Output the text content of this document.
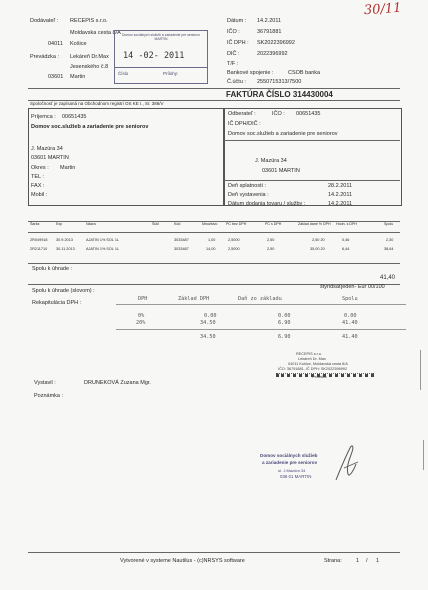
30/11
Dodávateľ : RECEPIS s.r.o.
Moldavska cesta 8/A
04011 Košice
Prevádzka : Lekáreň Dr.Max
Jesenského č.8
03601 Martin
Domov sociálnych služieb a zariadenie pre seniorov MARTIN
14 -02- 2011
Číslo	Prílohy:
Dátum : 14.2.2011
IČO :	36791881
IČ DPH : SK2022396992
DIČ :	2022396992
T/F :
Bankové spojenie :	CSOB banka
Č.účtu : 2550715313/7500
FAKTÚRA ČÍSLO 314430004
Spoločnosť je zapísaná na Obchodnom registri OS KE I., Sr. 386/V
Príjemca : 00651435
Domov soc.služieb a zariadenie pre seniorov
J. Mazúra 34
03601 MARTIN
Okres : Martin
TEL :
FAX :
Mobil :
Odberateľ :	IČO : 00651435
IČ DPH/DIČ :
Domov soc.služieb a zariadenie pre seniorov
J. Mazúra 34
03601 MARTIN
Deň splatnosti :	28.2.2011
Deň vystavenia :	14.2.2011
Dátum dodania tovaru / služby :	14.2.2011
Šarža	Exp	Názov	Šúkl	Kód	Množstvo PC bez DPH	PC s DPH	Základ dane % DPH Hodn. s DPH	Spolu
2R049918 30.9.2013	AJATIN 1% SOL 1L	3033487	1,00	2,5000	2,50	2,50 20	0,46	2,30
2R211710 30.11.2013	AJATIN 1% SOL 1L	3033487	14,00	2,5000	2,50	35,00 20	6,44	38,64
Spolu k úhrade :
41,40
Spolu k úhrade (slovom) :
štyridsaťjeden- Eur 00/100
Rekapitulácia DPH :
DPH	Základ DPH	Daň zo základu	Spolu
0%	0.00	0.00	0.00
20%	34.50	6.90	41.40
34.50	6.90	41.40
RECEPIS s.r.o.
Lekáreň Dr. Max
04011 Košice, Moldavská cesta 8/A
IČO: 36791881, IČ DPH: SK2022396992
Pečiatka
Vystavil :	DRUNEKOVÁ Zuzana Mgr.
Poznámka :
Domov sociálnych služieb
a zariadenie pre seniorov
ul. J.Mazúra 34
036 01 MARTIN
Vytvorené v systeme Nautilus - (c)NRSYS software	Strana:	1 / 1
